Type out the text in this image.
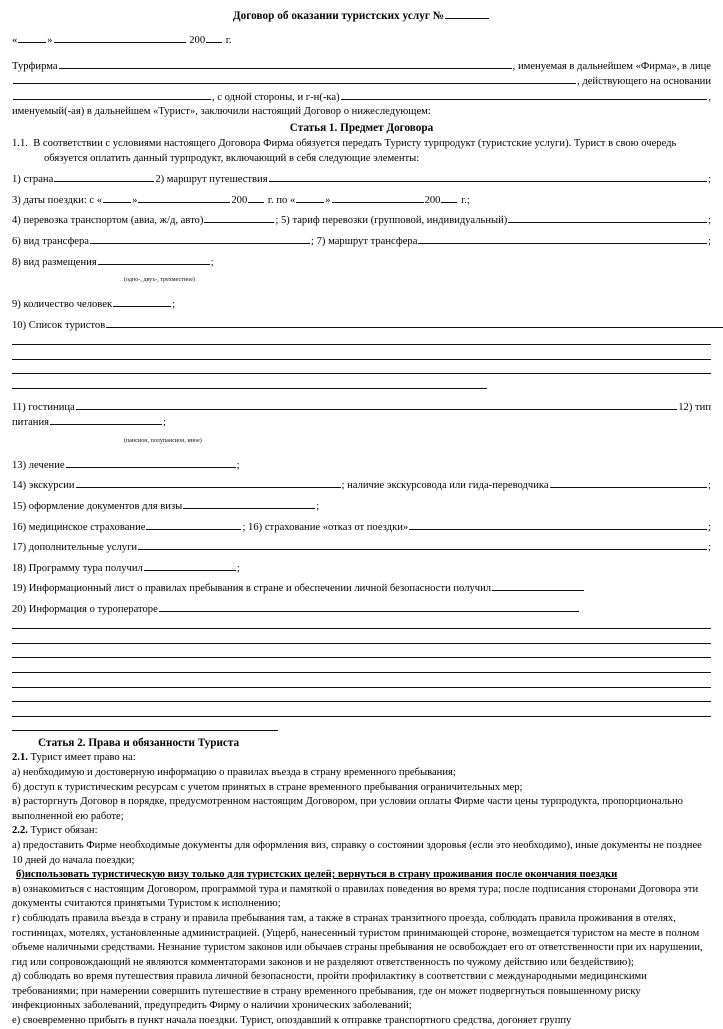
Договор об оказании туристских услуг №
«	»	200 г.
Турфирма	, именуемая в дальнейшем «Фирма», в лице
, действующего на основании
, с одной стороны, и г-н(-ка)	,
именуемый(-ая) в дальнейшем «Турист», заключили настоящий Договор о нижеследующем:
Статья 1. Предмет Договора
1.1. В соответствии с условиями настоящего Договора Фирма обязуется передать Туристу турпродукт (туристские услуги). Турист в свою очередь обязуется оплатить данный турпродукт, включающий в себя следующие элементы:
1) страна	2) маршрут путешествия	;
3) даты поездки: с «	»	200 г. по «	»	200 г.;
4) перевозка транспортом (авиа, ж/д, авто)	; 5) тариф перевозки (групповой, индивидуальный)	;
6) вид трансфера	; 7) маршрут трансфера	;
8) вид размещения	;
(одно-, двух-, трехместное)
9) количество человек	;
10) Список туристов
11) гостиница	12) тип
питания	;
(пансион, полупансион, иное)
13) лечение	;
14) экскурсии	; наличие экскурсовода или гида-переводчика	;
15) оформление документов для визы	;
16) медицинское страхование	; 16) страхование «отказ от поездки»	;
17) дополнительные услуги	;
18) Программу тура получил	;
19) Информационный лист о правилах пребывания в стране и обеспечении личной безопасности получил
20) Информация о туроператоре
Статья 2. Права и обязанности Туриста
2.1. Турист имеет право на:
а) необходимую и достоверную информацию о правилах въезда в страну временного пребывания;
б) доступ к туристическим ресурсам с учетом принятых в стране временного пребывания ограничительных мер;
в) расторгнуть Договор в порядке, предусмотренном настоящим Договором, при условии оплаты Фирме части цены турпродукта, пропорционально выполненной ею работе;
2.2. Турист обязан:
а) предоставить Фирме необходимые документы для оформления виз, справку о состоянии здоровья (если это необходимо), иные документы не позднее 10 дней до начала поездки;
б)использовать туристическую визу только для туристских целей; вернуться в страну проживания после окончания поездки
в) ознакомиться с настоящим Договором, программой тура и памяткой о правилах поведения во время тура; после подписания сторонами Договора эти документы считаются принятыми Туристом к исполнению;
г) соблюдать правила въезда в страну и правила пребывания там, а также в странах транзитного проезда, соблюдать правила проживания в отелях, гостиницах, мотелях, установленные администрацией. (Ущерб, нанесенный туристом принимающей стороне, возмещается туристом на месте в полном объеме наличными средствами. Незнание туристом законов или обычаев страны пребывания не освобождает его от ответственности при их нарушении, гид или сопровождающий не являются комментаторами законов и не разделяют ответственность по чужому действию или бездействию);
д) соблюдать во время путешествия правила личной безопасности, пройти профилактику в соответствии с международными медицинскими требованиями; при намерении совершить путешествие в страну временного пребывания, где он может подвергнуться повышенному риску инфекционных заболеваний, предупредить Фирму о наличии хронических заболеваний;
е) своевременно прибыть в пункт начала поездки. Турист, опоздавший к отправке транспортного средства, догоняет группу
